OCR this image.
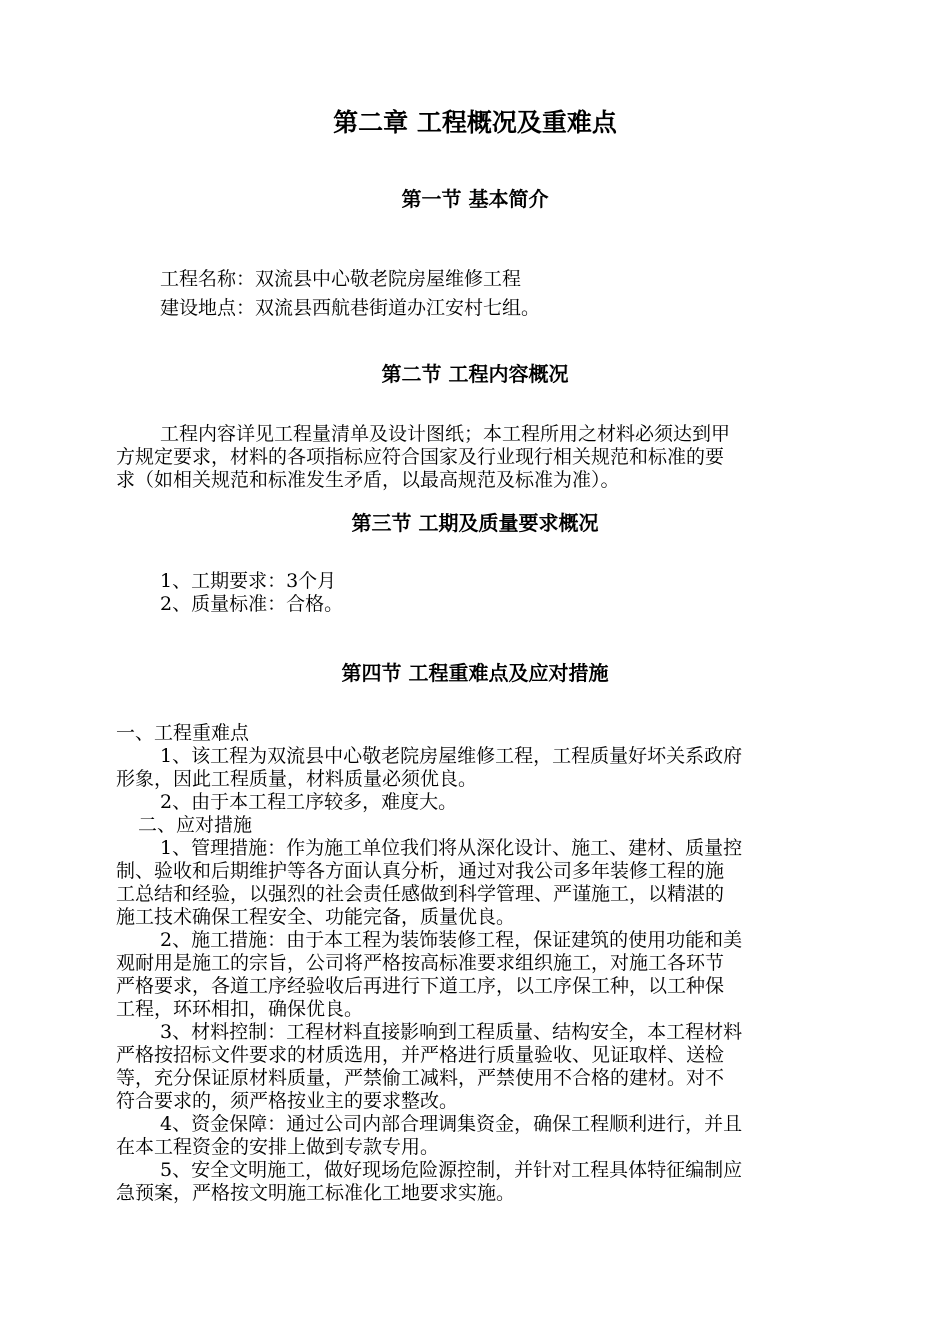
第二章 工程概况及重难点
第一节 基本简介
工程名称：双流县中心敬老院房屋维修工程
建设地点：双流县西航巷街道办江安村七组。
第二节 工程内容概况
工程内容详见工程量清单及设计图纸；本工程所用之材料必须达到甲
方规定要求，材料的各项指标应符合国家及行业现行相关规范和标准的要
求（如相关规范和标准发生矛盾，以最高规范及标准为准）。
第三节 工期及质量要求概况
1、工期要求：3个月
2、质量标准：合格。
第四节 工程重难点及应对措施
一、工程重难点
1、该工程为双流县中心敬老院房屋维修工程，工程质量好坏关系政府
形象，因此工程质量，材料质量必须优良。
2、由于本工程工序较多，难度大。
二、应对措施
1、管理措施：作为施工单位我们将从深化设计、施工、建材、质量控
制、验收和后期维护等各方面认真分析，通过对我公司多年装修工程的施
工总结和经验，以强烈的社会责任感做到科学管理、严谨施工，以精湛的
施工技术确保工程安全、功能完备，质量优良。
2、施工措施：由于本工程为装饰装修工程，保证建筑的使用功能和美
观耐用是施工的宗旨，公司将严格按高标准要求组织施工，对施工各环节
严格要求，各道工序经验收后再进行下道工序，以工序保工种，以工种保
工程，环环相扣，确保优良。
3、材料控制：工程材料直接影响到工程质量、结构安全，本工程材料
严格按招标文件要求的材质选用，并严格进行质量验收、见证取样、送检
等，充分保证原材料质量，严禁偷工减料，严禁使用不合格的建材。对不
符合要求的，须严格按业主的要求整改。
4、资金保障：通过公司内部合理调集资金，确保工程顺利进行，并且
在本工程资金的安排上做到专款专用。
5、安全文明施工，做好现场危险源控制，并针对工程具体特征编制应
急预案，严格按文明施工标准化工地要求实施。
